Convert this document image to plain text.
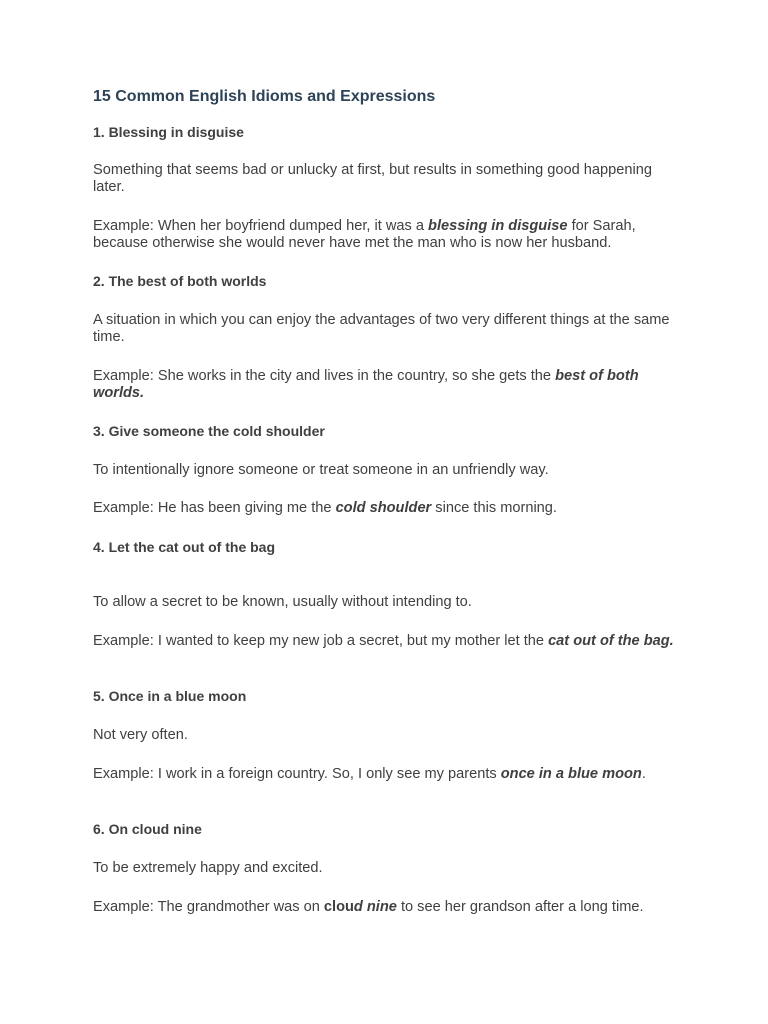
15 Common English Idioms and Expressions
1. Blessing in disguise

Something that seems bad or unlucky at first, but results in something good happening later.

Example: When her boyfriend dumped her, it was a blessing in disguise for Sarah, because otherwise she would never have met the man who is now her husband.

2. The best of both worlds

A situation in which you can enjoy the advantages of two very different things at the same time.

Example: She works in the city and lives in the country, so she gets the best of both worlds.

3. Give someone the cold shoulder

To intentionally ignore someone or treat someone in an unfriendly way.

Example: He has been giving me the cold shoulder since this morning.

4. Let the cat out of the bag

To allow a secret to be known, usually without intending to.

Example: I wanted to keep my new job a secret, but my mother let the cat out of the bag.

5. Once in a blue moon

Not very often.

Example: I work in a foreign country. So, I only see my parents once in a blue moon.

6. On cloud nine

To be extremely happy and excited.

Example: The grandmother was on cloud nine to see her grandson after a long time.
